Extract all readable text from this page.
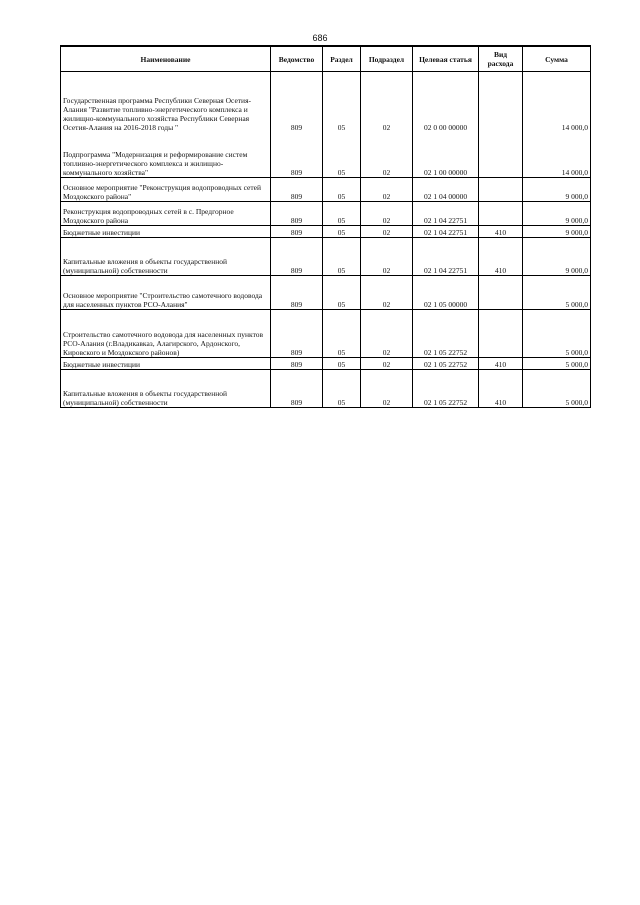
686
Наименование	Ведомство	Раздел	Подраздел	Целевая статья	Вид расхода	Сумма
Государственная программа Республики Северная Осетия-Алания "Развитие топливно-энергетического комплекса и жилищно-коммунального хозяйства Республики Северная Осетия-Алания на 2016-2018 годы "	809	05	02	02 0 00 00000		14 000,0
Подпрограмма "Модернизация и реформирование систем топливно-энергетического комплекса и жилищно-коммунального хозяйства"	809	05	02	02 1 00 00000		14 000,0
Основное мероприятие "Реконструкция водопроводных сетей Моздокского района"	809	05	02	02 1 04 00000		9 000,0
Реконструкция водопроводных сетей в с. Предгорное Моздокского района	809	05	02	02 1 04 22751		9 000,0
Бюджетные инвестиции	809	05	02	02 1 04 22751	410	9 000,0
Капитальные вложения в объекты государственной (муниципальной) собственности	809	05	02	02 1 04 22751	410	9 000,0
Основное мероприятие "Строительство самотечного водовода для населенных пунктов РСО-Алания"	809	05	02	02 1 05 00000		5 000,0
Строительство самотечного водовода для населенных пунктов РСО-Алания (г.Владикавказ, Алагирского, Ардонского, Кировского и Моздокского районов)	809	05	02	02 1 05 22752		5 000,0
Бюджетные инвестиции	809	05	02	02 1 05 22752	410	5 000,0
Капитальные вложения в объекты государственной (муниципальной) собственности	809	05	02	02 1 05 22752	410	5 000,0
